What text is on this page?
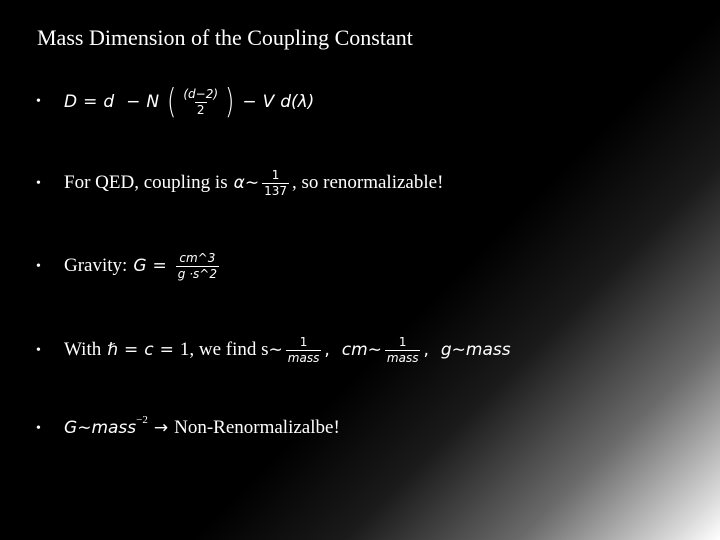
Mass Dimension of the Coupling Constant
• D = d − N ( $\frac{(d-2)}{2}$ ) − V d(λ)
• For QED, coupling is α ∼ $\frac{1}{137}$ , so renormalizable!
• Gravity: $G = \frac{cm\^{}3}{g \cdot s\^{}2}$
• With ℏ = c = 1, we find s ∼ $\frac{1}{\text{mass}}$ , cm ∼ $\frac{1}{\text{mass}}$ , g ∼ mass
• G ∼ mass −2 → Non-Renormalizalbe!
